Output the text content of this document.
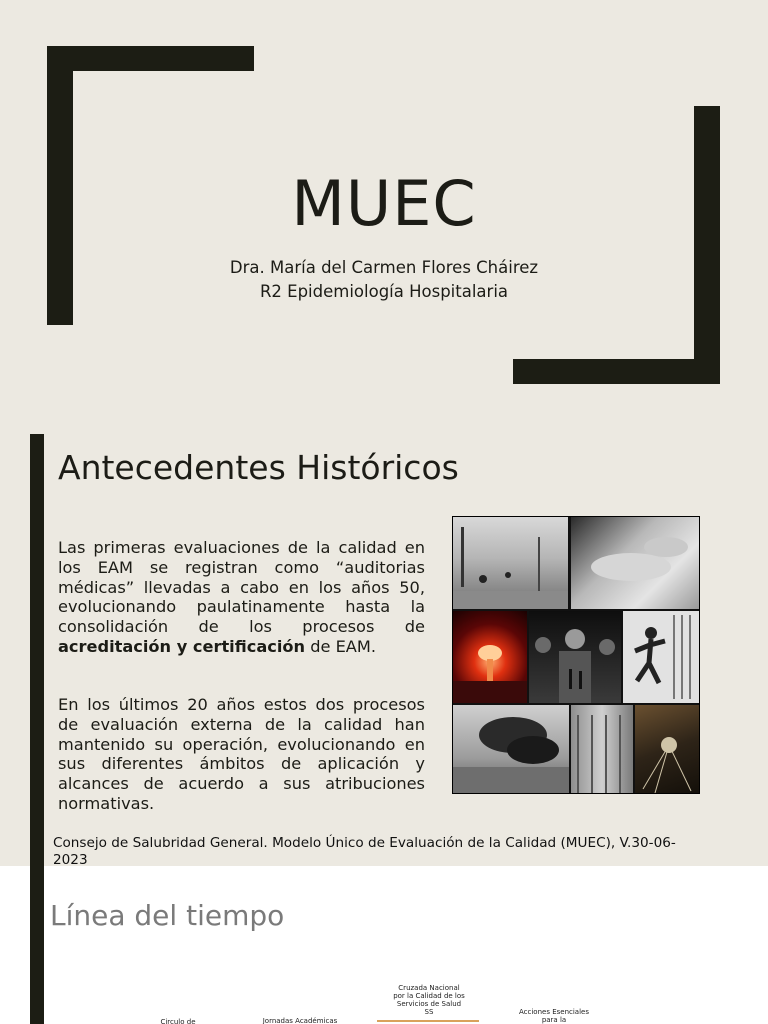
MUEC
Dra. María del Carmen Flores Cháirez
R2 Epidemiología Hospitalaria
Antecedentes Históricos
Las primeras evaluaciones de la calidad en los EAM se registran como “auditorias médicas” llevadas a cabo en los años 50, evolucionando paulatinamente hasta la consolidación de los procesos de acreditación y certificación de EAM.
En los últimos 20 años estos dos procesos de evaluación externa de la calidad han mantenido su operación, evolucionando en sus diferentes ámbitos de aplicación y alcances de acuerdo a sus atribuciones normativas.
Consejo de Salubridad General. Modelo Único de Evaluación de la Calidad (MUEC), V.30-06-2023
Línea del tiempo
Cruzada Nacional por la Calidad de los Servicios de Salud SS
Circulo de	Jornadas Académicas
Acciones Esenciales para la
